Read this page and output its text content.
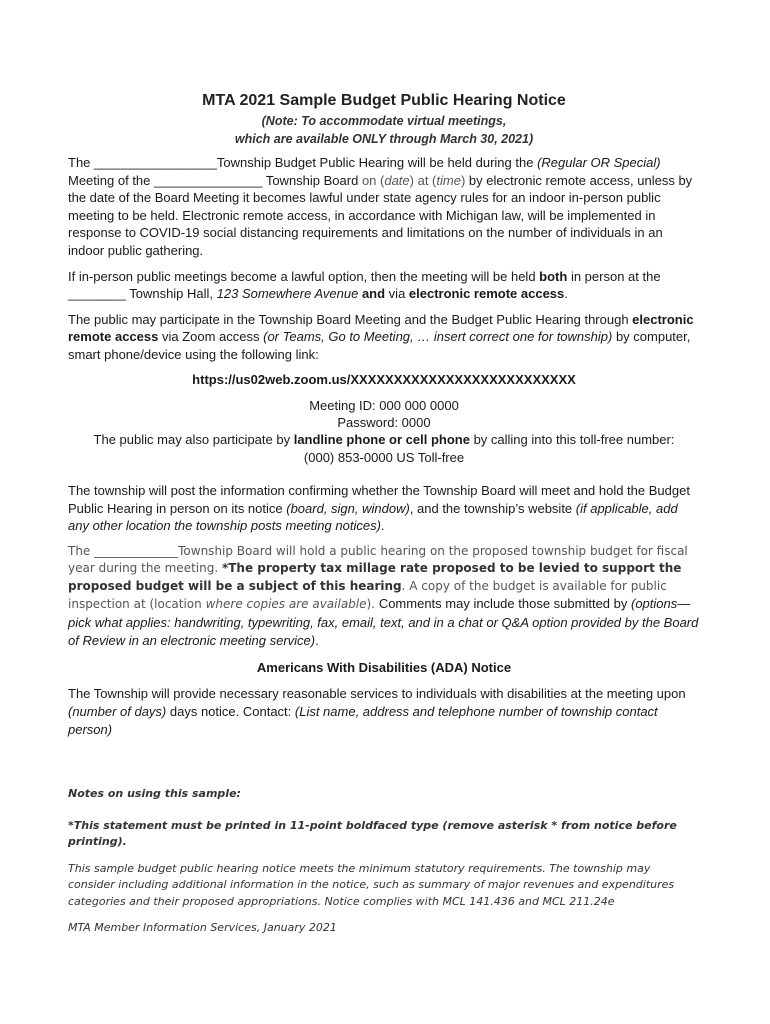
MTA 2021 Sample Budget Public Hearing Notice
(Note: To accommodate virtual meetings,
which are available ONLY through March 30, 2021)

The _________________Township Budget Public Hearing will be held during the (Regular OR Special) Meeting of the _______________ Township Board on (date) at (time) by electronic remote access, unless by the date of the Board Meeting it becomes lawful under state agency rules for an indoor in-person public meeting to be held. Electronic remote access, in accordance with Michigan law, will be implemented in response to COVID-19 social distancing requirements and limitations on the number of individuals in an indoor public gathering.

If in-person public meetings become a lawful option, then the meeting will be held both in person at the ________ Township Hall, 123 Somewhere Avenue and via electronic remote access.

The public may participate in the Township Board Meeting and the Budget Public Hearing through electronic remote access via Zoom access (or Teams, Go to Meeting, … insert correct one for township) by computer, smart phone/device using the following link:

https://us02web.zoom.us/XXXXXXXXXXXXXXXXXXXXXXXXXX
Meeting ID: 000 000 0000
Password: 0000
The public may also participate by landline phone or cell phone by calling into this toll-free number:
(000) 853-0000 US Toll-free

The township will post the information confirming whether the Township Board will meet and hold the Budget Public Hearing in person on its notice (board, sign, window), and the township’s website (if applicable, add any other location the township posts meeting notices).

The ______________Township Board will hold a public hearing on the proposed township budget for fiscal year during the meeting. *The property tax millage rate proposed to be levied to support the proposed budget will be a subject of this hearing. A copy of the budget is available for public inspection at (location where copies are available). Comments may include those submitted by (options—pick what applies: handwriting, typewriting, fax, email, text, and in a chat or Q&A option provided by the Board of Review in an electronic meeting service).
Americans With Disabilities (ADA) Notice

The Township will provide necessary reasonable services to individuals with disabilities at the meeting upon (number of days) days notice. Contact: (List name, address and telephone number of township contact person)

Notes on using this sample:

*This statement must be printed in 11-point boldfaced type (remove asterisk * from notice before printing).

This sample budget public hearing notice meets the minimum statutory requirements. The township may consider including additional information in the notice, such as summary of major revenues and expenditures categories and their proposed appropriations. Notice complies with MCL 141.436 and MCL 211.24e

MTA Member Information Services, January 2021
